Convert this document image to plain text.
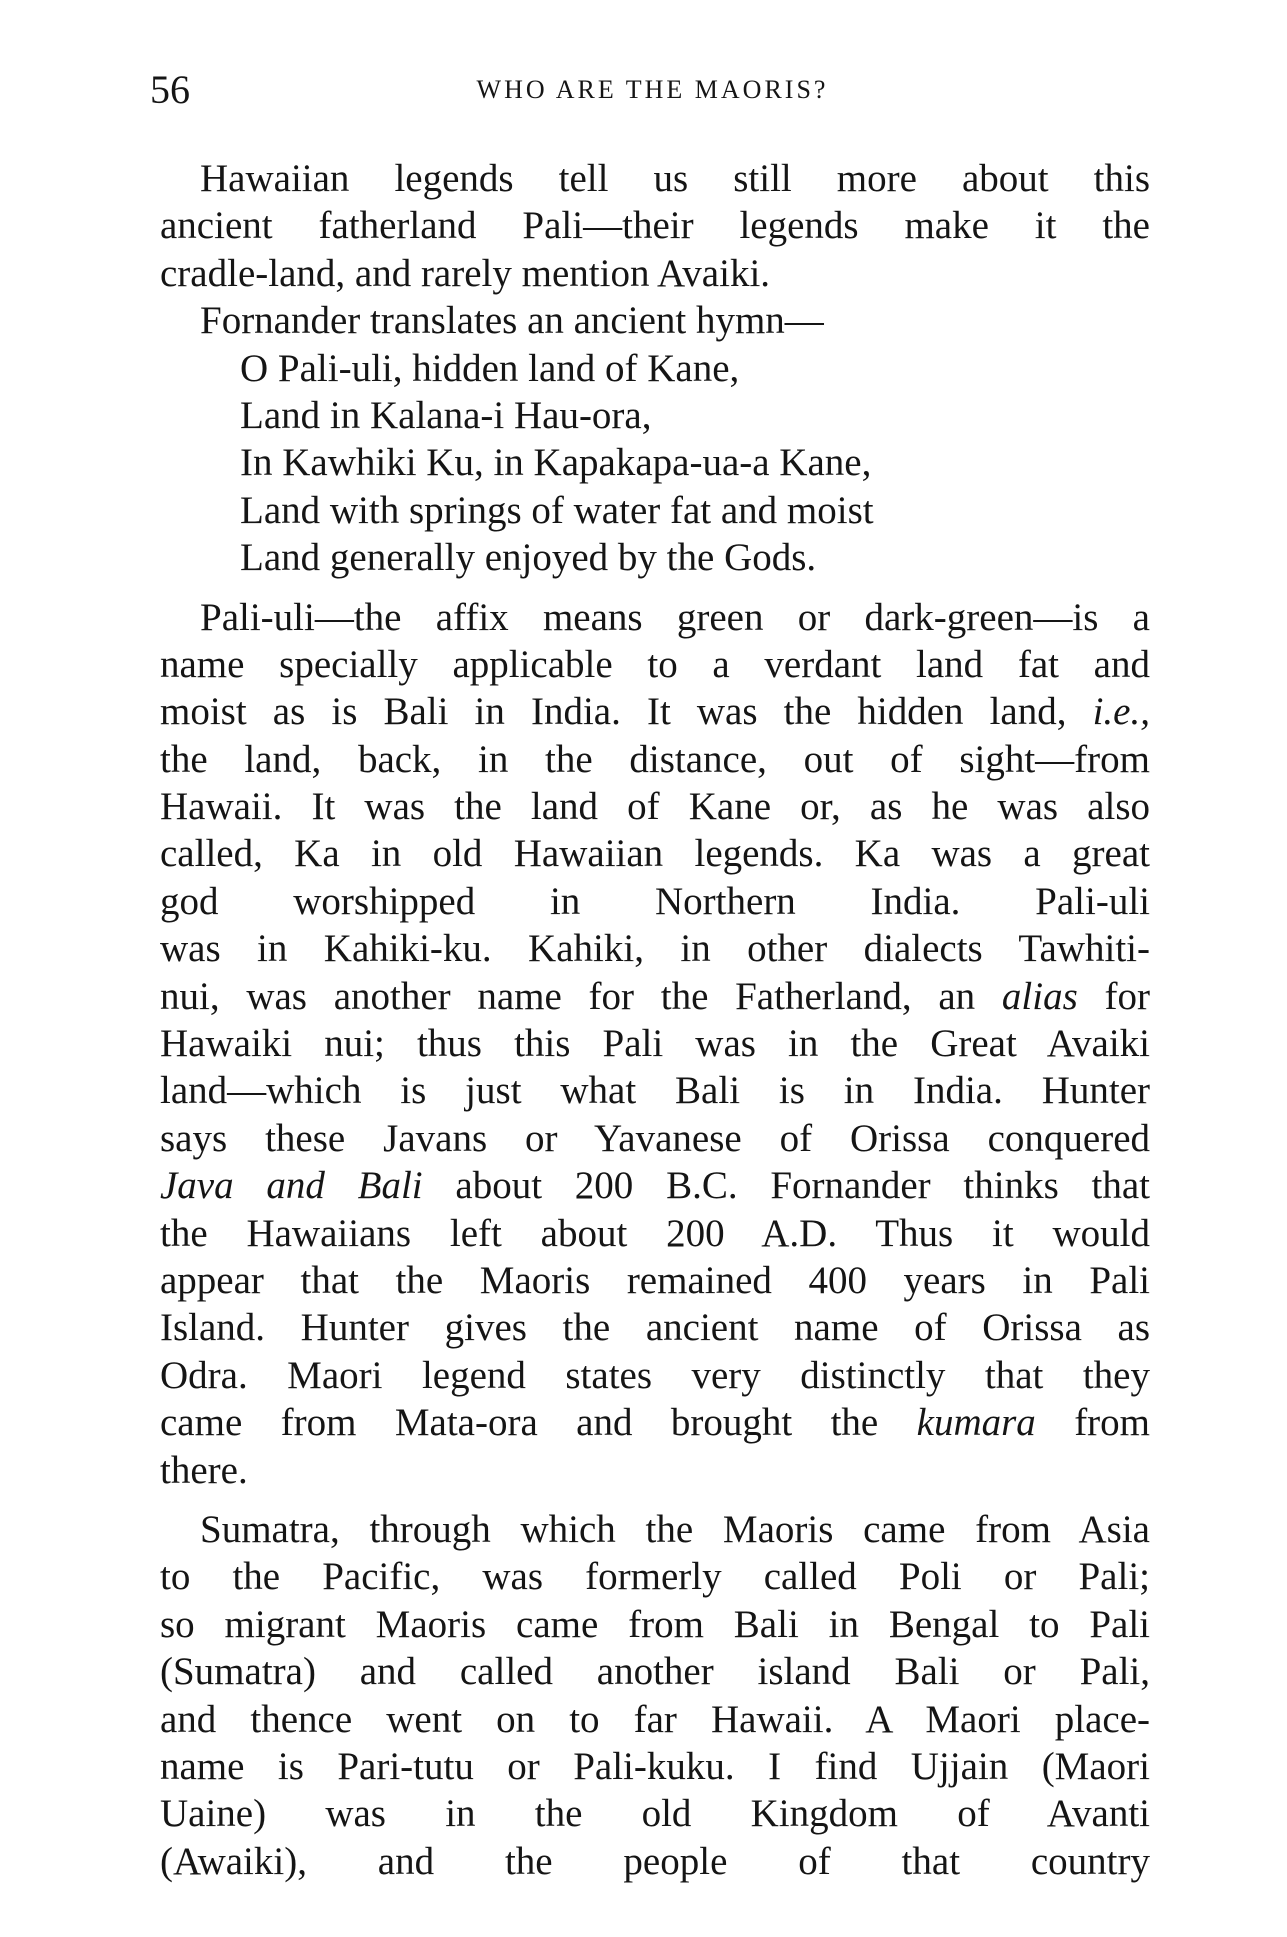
56	WHO ARE THE MAORIS?
Hawaiian legends tell us still more about this
ancient fatherland Pali—their legends make it the
cradle-land, and rarely mention Avaiki.
Fornander translates an ancient hymn—
O Pali-uli, hidden land of Kane,
Land in Kalana-i Hau-ora,
In Kawhiki Ku, in Kapakapa-ua-a Kane,
Land with springs of water fat and moist
Land generally enjoyed by the Gods.
Pali-uli—the affix means green or dark-green—is a
name specially applicable to a verdant land fat and
moist as is Bali in India. It was the hidden land, i.e.,
the land, back, in the distance, out of sight—from
Hawaii. It was the land of Kane or, as he was also
called, Ka in old Hawaiian legends. Ka was a great
god worshipped in Northern India. Pali-uli
was in Kahiki-ku. Kahiki, in other dialects Tawhiti-
nui, was another name for the Fatherland, an alias for
Hawaiki nui; thus this Pali was in the Great Avaiki
land—which is just what Bali is in India. Hunter
says these Javans or Yavanese of Orissa conquered
Java and Bali about 200 B.C. Fornander thinks that
the Hawaiians left about 200 A.D. Thus it would
appear that the Maoris remained 400 years in Pali
Island. Hunter gives the ancient name of Orissa as
Odra. Maori legend states very distinctly that they
came from Mata-ora and brought the kumara from
there.
Sumatra, through which the Maoris came from Asia
to the Pacific, was formerly called Poli or Pali;
so migrant Maoris came from Bali in Bengal to Pali
(Sumatra) and called another island Bali or Pali,
and thence went on to far Hawaii. A Maori place-
name is Pari-tutu or Pali-kuku. I find Ujjain (Maori
Uaine) was in the old Kingdom of Avanti
(Awaiki), and the people of that country
